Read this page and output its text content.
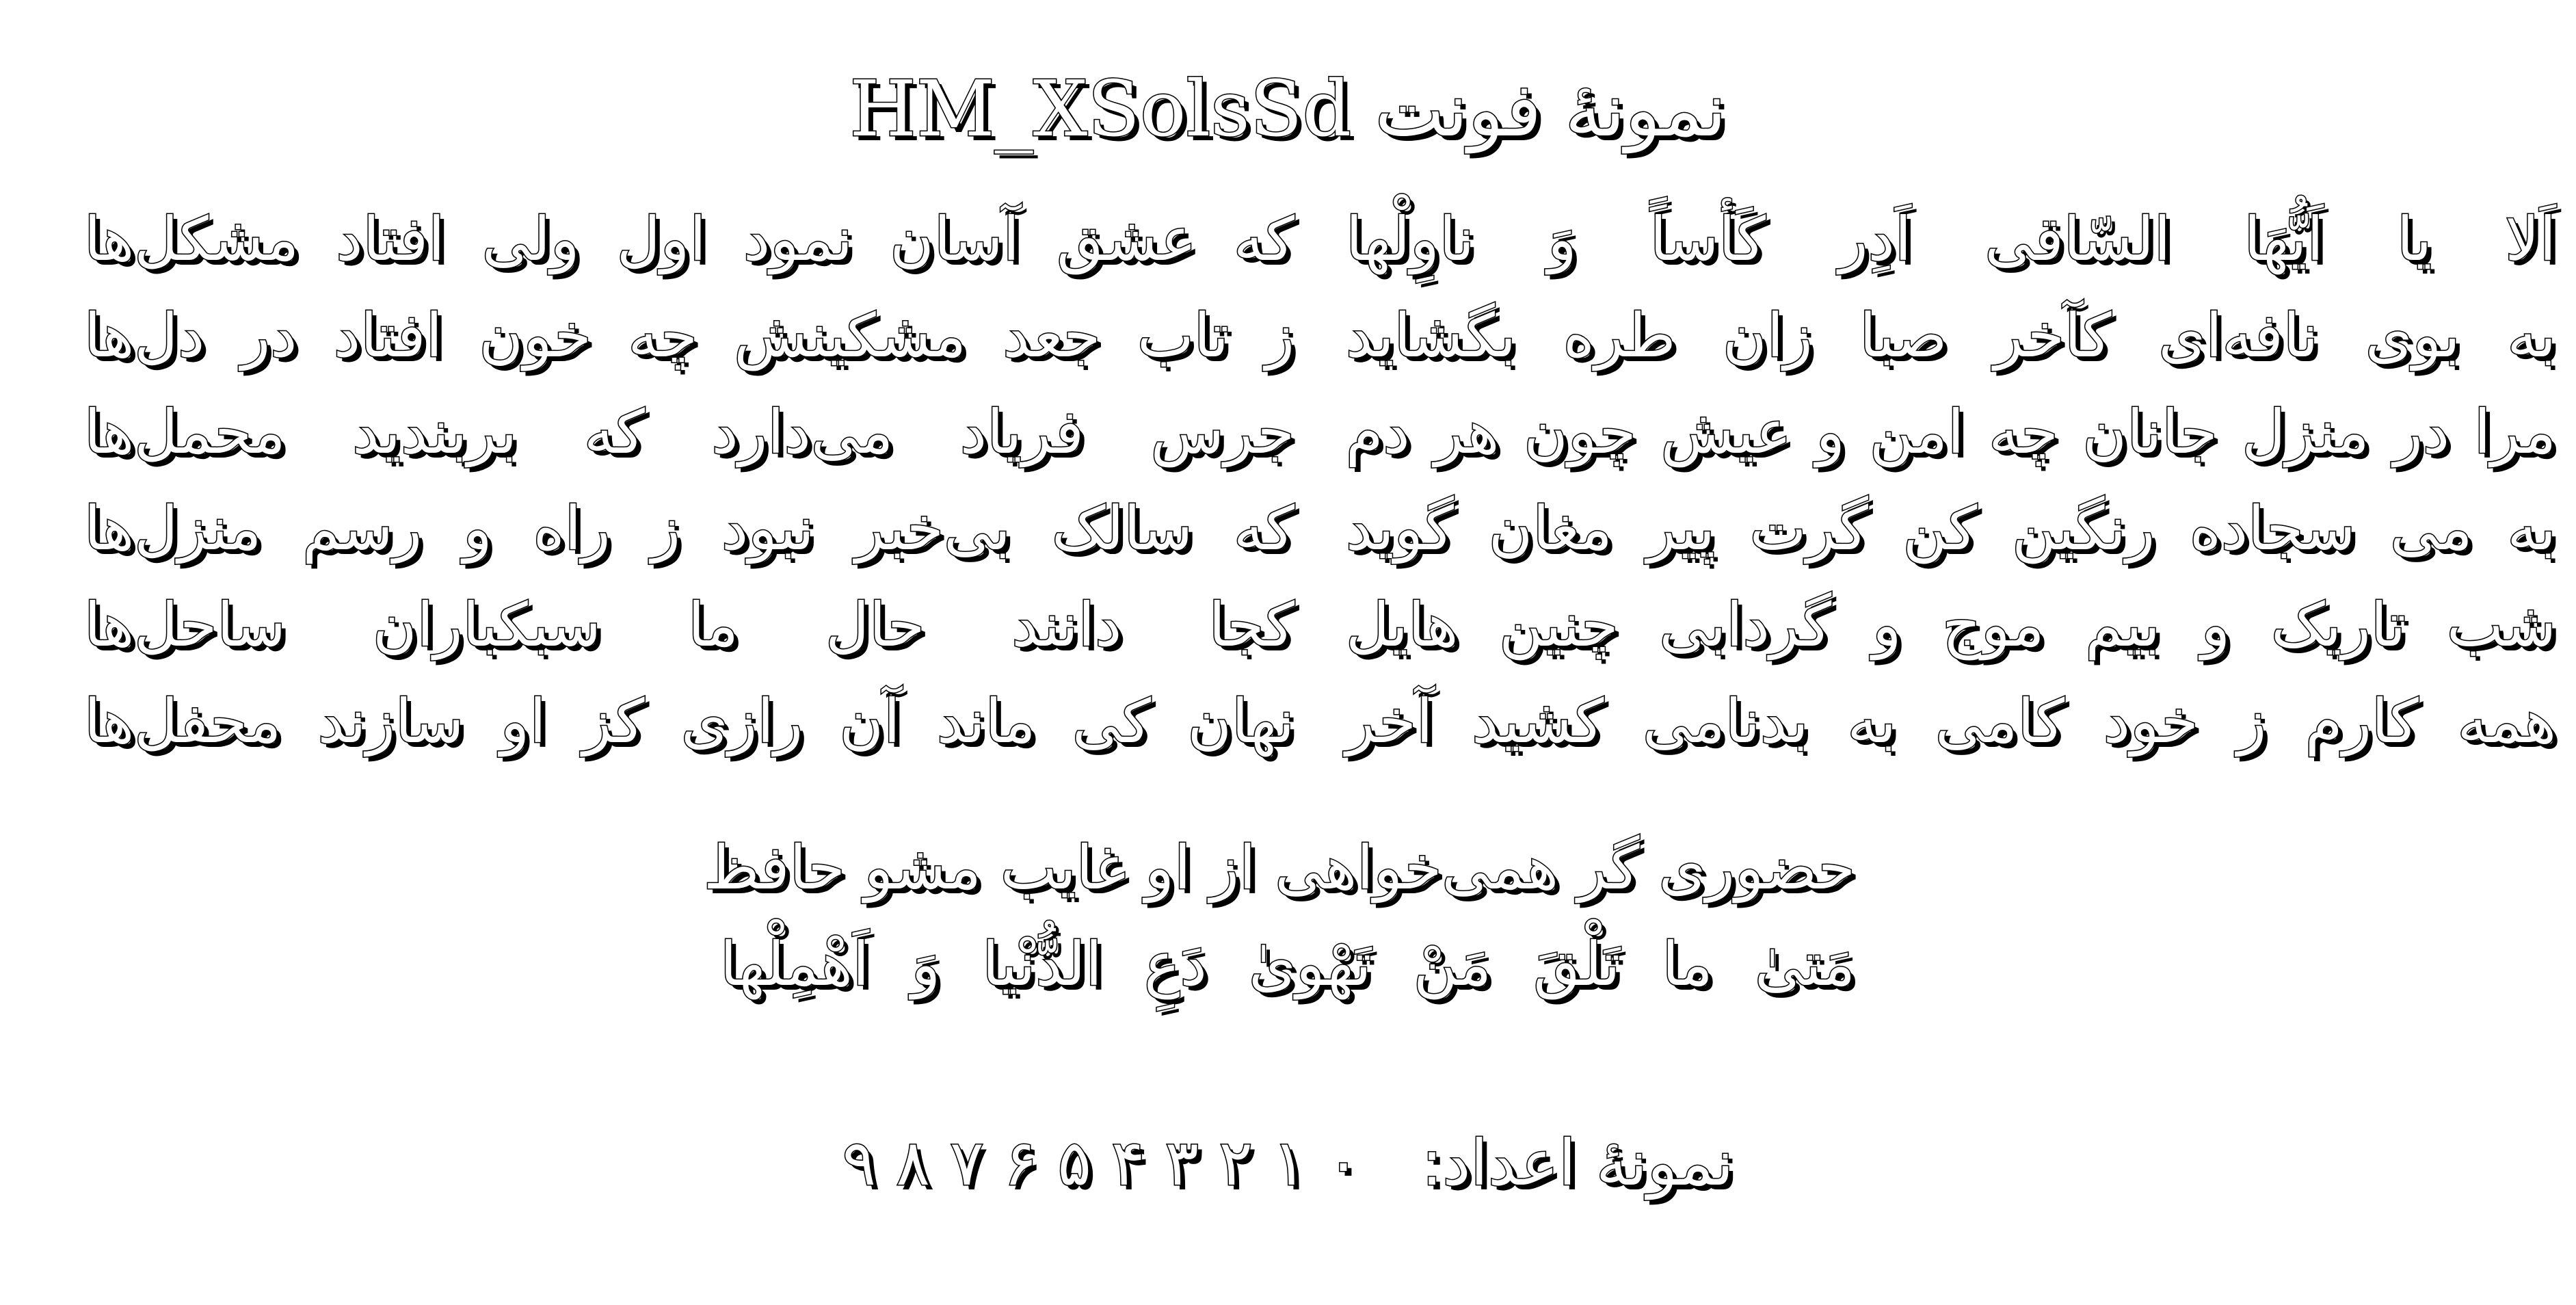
نمونهٔ فونت HM_XSolsSd
اَلا یا اَیُّهَا السّاقی اَدِر کَأساً وَ ناوِلْها
به بوی نافه‌ای کآخر صبا زان طره بگشاید
مرا در منزل جانان چه امن و عیش چون هر دم
به می سجاده رنگین کن گرت پیر مغان گوید
شب تاریک و بیم موج و گردابی چنین هایل
همه کارم ز خود کامی به بدنامی کشید آخر
که عشق آسان نمود اول ولی افتاد مشکل‌ها
ز تاب جعد مشکینش چه خون افتاد در دل‌ها
جرس فریاد می‌دارد که بربندید محمل‌ها
که سالک بی‌خبر نبود ز راه و رسم منزل‌ها
کجا دانند حال ما سبکباران ساحل‌ها
نهان کی ماند آن رازی کز او سازند محفل‌ها
حضوری گر همی‌خواهی از او غایب مشو حافظ
مَتیٰ ما تَلْقَ مَنْ تَهْویٰ دَعِ الدُّنْیا وَ اَهْمِلْها
نمونهٔ اعداد: ۰ ۱ ۲ ۳ ۴ ۵ ۶ ۷ ۸ ۹
